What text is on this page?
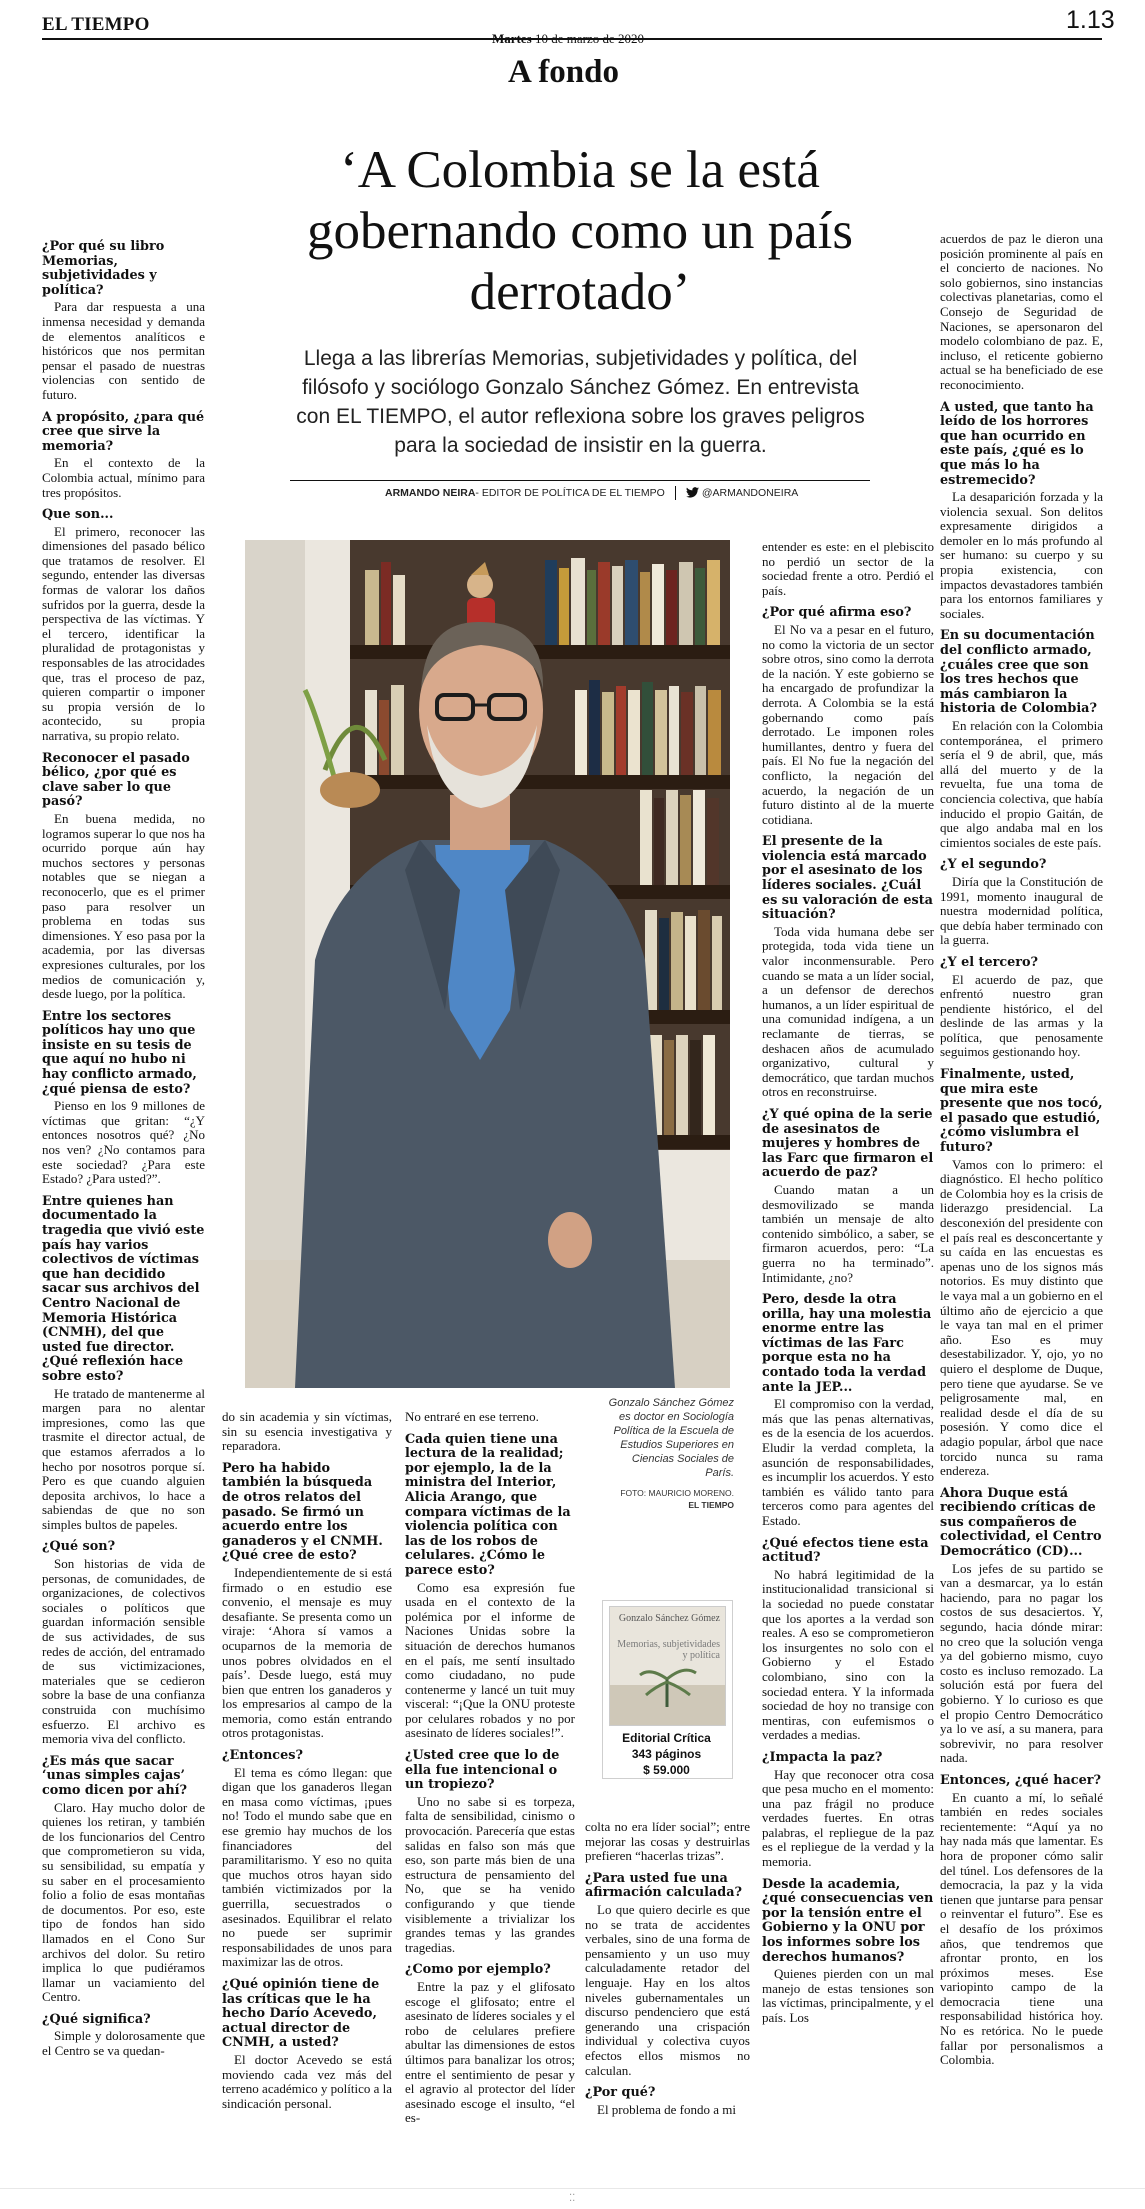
EL TIEMPO	1.13
Martes 10 de marzo de 2020
A fondo
‘A Colombia se la está gobernando como un país derrotado’
Llega a las librerías Memorias, subjetividades y política, del filósofo y sociólogo Gonzalo Sánchez Gómez. En entrevista con EL TIEMPO, el autor reflexiona sobre los graves peligros para la sociedad de insistir en la guerra.
ARMANDO NEIRA- EDITOR DE POLÍTICA DE EL TIEMPO	@ARMANDONEIRA
Gonzalo Sánchez Gómez es doctor en Sociología Política de la Escuela de Estudios Superiores en Ciencias Sociales de París.
FOTO: MAURICIO MORENO.
EL TIEMPO
Gonzalo Sánchez Gómez
Memorias, subjetividades y política
Editorial Crítica
343 páginos
$ 59.000

¿Por qué su libro Memorias, subjetividades y política?

Para dar respuesta a una inmensa necesidad y demanda de elementos analíticos e históricos que nos permitan pensar el pasado de nuestras violencias con sentido de futuro.

A propósito, ¿para qué cree que sirve la memoria?

En el contexto de la Colombia actual, mínimo para tres propósitos.

Que son...

El primero, reconocer las dimensiones del pasado bélico que tratamos de resolver. El segundo, entender las diversas formas de valorar los daños sufridos por la guerra, desde la perspectiva de las víctimas. Y el tercero, identificar la pluralidad de protagonistas y responsables de las atrocidades que, tras el proceso de paz, quieren compartir o imponer su propia versión de lo acontecido, su propia narrativa, su propio relato.

Reconocer el pasado bélico, ¿por qué es clave saber lo que pasó?

En buena medida, no logramos superar lo que nos ha ocurrido porque aún hay muchos sectores y personas notables que se niegan a reconocerlo, que es el primer paso para resolver un problema en todas sus dimensiones. Y eso pasa por la academia, por las diversas expresiones culturales, por los medios de comunicación y, desde luego, por la política.

Entre los sectores políticos hay uno que insiste en su tesis de que aquí no hubo ni hay conflicto armado, ¿qué piensa de esto?

Pienso en los 9 millones de víctimas que gritan: “¿Y entonces nosotros qué? ¿No nos ven? ¿No contamos para este sociedad? ¿Para este Estado? ¿Para usted?”.

Entre quienes han documentado la tragedia que vivió este país hay varios colectivos de víctimas que han decidido sacar sus archivos del Centro Nacional de Memoria Histórica (CNMH), del que usted fue director. ¿Qué reflexión hace sobre esto?

He tratado de mantenerme al margen para no alentar impresiones, como las que trasmite el director actual, de que estamos aferrados a lo hecho por nosotros porque sí. Pero es que cuando alguien deposita archivos, lo hace a sabiendas de que no son simples bultos de papeles.

¿Qué son?

Son historias de vida de personas, de comunidades, de organizaciones, de colectivos sociales o políticos que guardan información sensible de sus actividades, de sus redes de acción, del entramado de sus victimizaciones, materiales que se cedieron sobre la base de una confianza construida con muchísimo esfuerzo. El archivo es memoria viva del conflicto.

¿Es más que sacar ‘unas simples cajas’ como dicen por ahí?

Claro. Hay mucho dolor de quienes los retiran, y también de los funcionarios del Centro que comprometieron su vida, su sensibilidad, su empatía y su saber en el procesamiento folio a folio de esas montañas de documentos. Por eso, este tipo de fondos han sido llamados en el Cono Sur archivos del dolor. Su retiro implica lo que pudiéramos llamar un vaciamiento del Centro.

¿Qué significa?

Simple y dolorosamente que el Centro se va quedan-

do sin academia y sin víctimas, sin su esencia investigativa y reparadora.

Pero ha habido también la búsqueda de otros relatos del pasado. Se firmó un acuerdo entre los ganaderos y el CNMH. ¿Qué cree de esto?

Independientemente de si está firmado o en estudio ese convenio, el mensaje es muy desafiante. Se presenta como un viraje: ‘Ahora sí vamos a ocuparnos de la memoria de unos pobres olvidados en el país’. Desde luego, está muy bien que entren los ganaderos y los empresarios al campo de la memoria, como están entrando otros protagonistas.

¿Entonces?

El tema es cómo llegan: que digan que los ganaderos llegan en masa como víctimas, ¡pues no! Todo el mundo sabe que en ese gremio hay muchos de los financiadores del paramilitarismo. Y eso no quita que muchos otros hayan sido también victimizados por la guerrilla, secuestrados o asesinados. Equilibrar el relato no puede ser suprimir responsabilidades de unos para maximizar las de otros.

¿Qué opinión tiene de las críticas que le ha hecho Darío Acevedo, actual director de CNMH, a usted?

El doctor Acevedo se está moviendo cada vez más del terreno académico y político a la sindicación personal.

No entraré en ese terreno.

Cada quien tiene una lectura de la realidad; por ejemplo, la de la ministra del Interior, Alicia Arango, que compara víctimas de la violencia política con las de los robos de celulares. ¿Cómo le parece esto?

Como esa expresión fue usada en el contexto de la polémica por el informe de Naciones Unidas sobre la situación de derechos humanos en el país, me sentí insultado como ciudadano, no pude contenerme y lancé un tuit muy visceral: “¡Que la ONU proteste por celulares robados y no por asesinato de líderes sociales!”.

¿Usted cree que lo de ella fue intencional o un tropiezo?

Uno no sabe si es torpeza, falta de sensibilidad, cinismo o provocación. Parecería que estas salidas en falso son más que eso, son parte más bien de una estructura de pensamiento del No, que se ha venido configurando y que tiende visiblemente a trivializar los grandes temas y las grandes tragedias.

¿Como por ejemplo?

Entre la paz y el glifosato escoge el glifosato; entre el asesinato de líderes sociales y el robo de celulares prefiere abultar las dimensiones de estos últimos para banalizar los otros; entre el sentimiento de pesar y el agravio al protector del líder asesinado escoge el insulto, “el es-

entender es este: en el plebiscito no perdió un sector de la sociedad frente a otro. Perdió el país.

¿Por qué afirma eso?

El No va a pesar en el futuro, no como la victoria de un sector sobre otros, sino como la derrota de la nación. Y este gobierno se ha encargado de profundizar la derrota. A Colombia se la está gobernando como país derrotado. Le imponen roles humillantes, dentro y fuera del país. El No fue la negación del conflicto, la negación del acuerdo, la negación de un futuro distinto al de la muerte cotidiana.

El presente de la violencia está marcado por el asesinato de los líderes sociales. ¿Cuál es su valoración de esta situación?

Toda vida humana debe ser protegida, toda vida tiene un valor inconmensurable. Pero cuando se mata a un líder social, a un defensor de derechos humanos, a un líder espiritual de una comunidad indígena, a un reclamante de tierras, se deshacen años de acumulado organizativo, cultural y democrático, que tardan muchos otros en reconstruirse.

¿Y qué opina de la serie de asesinatos de mujeres y hombres de las Farc que firmaron el acuerdo de paz?

Cuando matan a un desmovilizado se manda también un mensaje de alto contenido simbólico, a saber, se firmaron acuerdos, pero: “La guerra no ha terminado”. Intimidante, ¿no?

Pero, desde la otra orilla, hay una molestia enorme entre las víctimas de las Farc porque esta no ha contado toda la verdad ante la JEP...

El compromiso con la verdad, más que las penas alternativas, es de la esencia de los acuerdos. Eludir la verdad completa, la asunción de responsabilidades, es incumplir los acuerdos. Y esto también es válido tanto para terceros como para agentes del Estado.

¿Qué efectos tiene esta actitud?

No habrá legitimidad de la institucionalidad transicional si la sociedad no puede constatar que los aportes a la verdad son reales. A eso se comprometieron los insurgentes no solo con el Gobierno y el Estado colombiano, sino con la sociedad entera. Y la informada sociedad de hoy no transige con mentiras, con eufemismos o verdades a medias.

¿Impacta la paz?

Hay que reconocer otra cosa que pesa mucho en el momento: una paz frágil no produce verdades fuertes. En otras palabras, el repliegue de la paz es el repliegue de la verdad y la memoria.

Desde la academia, ¿qué consecuencias ven por la tensión entre el Gobierno y la ONU por los informes sobre los derechos humanos?

Quienes pierden con un mal manejo de estas tensiones son las víctimas, principalmente, y el país. Los

colta no era líder social”; entre mejorar las cosas y destruirlas prefieren “hacerlas trizas”.

¿Para usted fue una afirmación calculada?

Lo que quiero decirle es que no se trata de accidentes verbales, sino de una forma de pensamiento y un uso muy calculadamente retador del lenguaje. Hay en los altos niveles gubernamentales un discurso pendenciero que está generando una crispación individual y colectiva cuyos efectos ellos mismos no calculan.

¿Por qué?

El problema de fondo a mi

acuerdos de paz le dieron una posición prominente al país en el concierto de naciones. No solo gobiernos, sino instancias colectivas planetarias, como el Consejo de Seguridad de Naciones, se apersonaron del modelo colombiano de paz. E, incluso, el reticente gobierno actual se ha beneficiado de ese reconocimiento.

A usted, que tanto ha leído de los horrores que han ocurrido en este país, ¿qué es lo que más lo ha estremecido?

La desaparición forzada y la violencia sexual. Son delitos expresamente dirigidos a demoler en lo más profundo al ser humano: su cuerpo y su propia existencia, con impactos devastadores también para los entornos familiares y sociales.

En su documentación del conflicto armado, ¿cuáles cree que son los tres hechos que más cambiaron la historia de Colombia?

En relación con la Colombia contemporánea, el primero sería el 9 de abril, que, más allá del muerto y de la revuelta, fue una toma de conciencia colectiva, que había inducido el propio Gaitán, de que algo andaba mal en los cimientos sociales de este país.

¿Y el segundo?

Diría que la Constitución de 1991, momento inaugural de nuestra modernidad política, que debía haber terminado con la guerra.

¿Y el tercero?

El acuerdo de paz, que enfrentó nuestro gran pendiente histórico, el del deslinde de las armas y la política, que penosamente seguimos gestionando hoy.

Finalmente, usted, que mira este presente que nos tocó, el pasado que estudió, ¿cómo vislumbra el futuro?

Vamos con lo primero: el diagnóstico. El hecho político de Colombia hoy es la crisis de liderazgo presidencial. La desconexión del presidente con el país real es desconcertante y su caída en las encuestas es apenas uno de los signos más notorios. Es muy distinto que le vaya mal a un gobierno en el último año de ejercicio a que le vaya tan mal en el primer año. Eso es muy desestabilizador. Y, ojo, yo no quiero el desplome de Duque, pero tiene que ayudarse. Se ve peligrosamente mal, en realidad desde el día de su posesión. Y como dice el adagio popular, árbol que nace torcido nunca su rama endereza.

Ahora Duque está recibiendo críticas de sus compañeros de colectividad, el Centro Democrático (CD)...

Los jefes de su partido se van a desmarcar, ya lo están haciendo, para no pagar los costos de sus desaciertos. Y, segundo, hacia dónde mirar: no creo que la solución venga ya del gobierno mismo, cuyo costo es incluso remozado. La solución está por fuera del gobierno. Y lo curioso es que el propio Centro Democrático ya lo ve así, a su manera, para sobrevivir, no para resolver nada.

Entonces, ¿qué hacer?

En cuanto a mí, lo señalé también en redes sociales recientemente: “Aquí ya no hay nada más que lamentar. Es hora de proponer cómo salir del túnel. Los defensores de la democracia, la paz y la vida tienen que juntarse para pensar o reinventar el futuro”. Ese es el desafío de los próximos años, que tendremos que afrontar pronto, en los próximos meses. Ese variopinto campo de la democracia tiene una responsabilidad histórica hoy. No es retórica. No le puede fallar por personalismos a Colombia.

⁚⁚
